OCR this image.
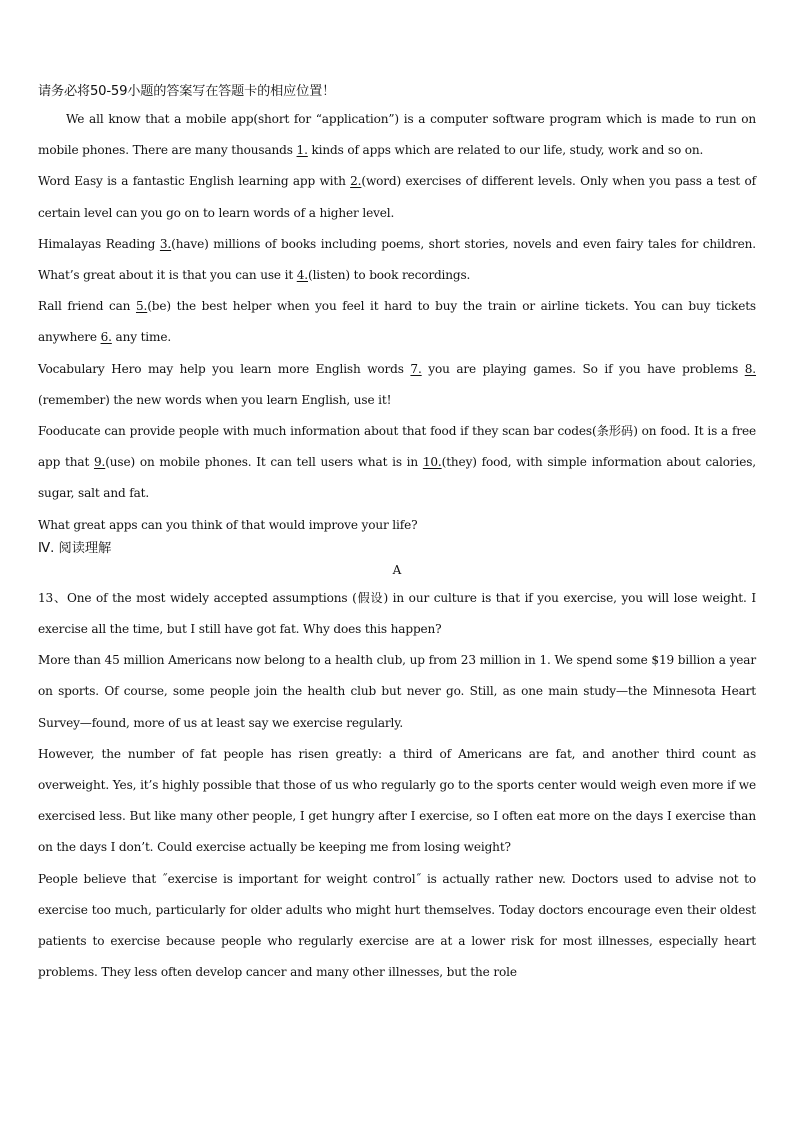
请务必将50-59小题的答案写在答题卡的相应位置！

We all know that a mobile app(short for “application”) is a computer software program which is made to run on mobile phones. There are many thousands 1. kinds of apps which are related to our life, study, work and so on.

Word Easy is a fantastic English learning app with 2.(word) exercises of different levels. Only when you pass a test of certain level can you go on to learn words of a higher level.

Himalayas Reading 3.(have) millions of books including poems, short stories, novels and even fairy tales for children. What’s great about it is that you can use it 4.(listen) to book recordings.

Rall friend can 5.(be) the best helper when you feel it hard to buy the train or airline tickets. You can buy tickets anywhere 6. any time.

Vocabulary Hero may help you learn more English words 7. you are playing games. So if you have problems 8.(remember) the new words when you learn English, use it!

Fooducate can provide people with much information about that food if they scan bar codes(条形码) on food. It is a free app that 9.(use) on mobile phones. It can tell users what is in 10.(they) food, with simple information about calories, sugar, salt and fat.

What great apps can you think of that would improve your life?

Ⅳ. 阅读理解
A

13、One of the most widely accepted assumptions (假设) in our culture is that if you exercise, you will lose weight. I exercise all the time, but I still have got fat. Why does this happen?

More than 45 million Americans now belong to a health club, up from 23 million in 1. We spend some $19 billion a year on sports. Of course, some people join the health club but never go. Still, as one main study—the Minnesota Heart Survey—found, more of us at least say we exercise regularly.

However, the number of fat people has risen greatly: a third of Americans are fat, and another third count as overweight. Yes, it’s highly possible that those of us who regularly go to the sports center would weigh even more if we exercised less. But like many other people, I get hungry after I exercise, so I often eat more on the days I exercise than on the days I don’t. Could exercise actually be keeping me from losing weight?

People believe that ˝exercise is important for weight control˝ is actually rather new. Doctors used to advise not to exercise too much, particularly for older adults who might hurt themselves. Today doctors encourage even their oldest patients to exercise because people who regularly exercise are at a lower risk for most illnesses, especially heart problems. They less often develop cancer and many other illnesses, but the role
